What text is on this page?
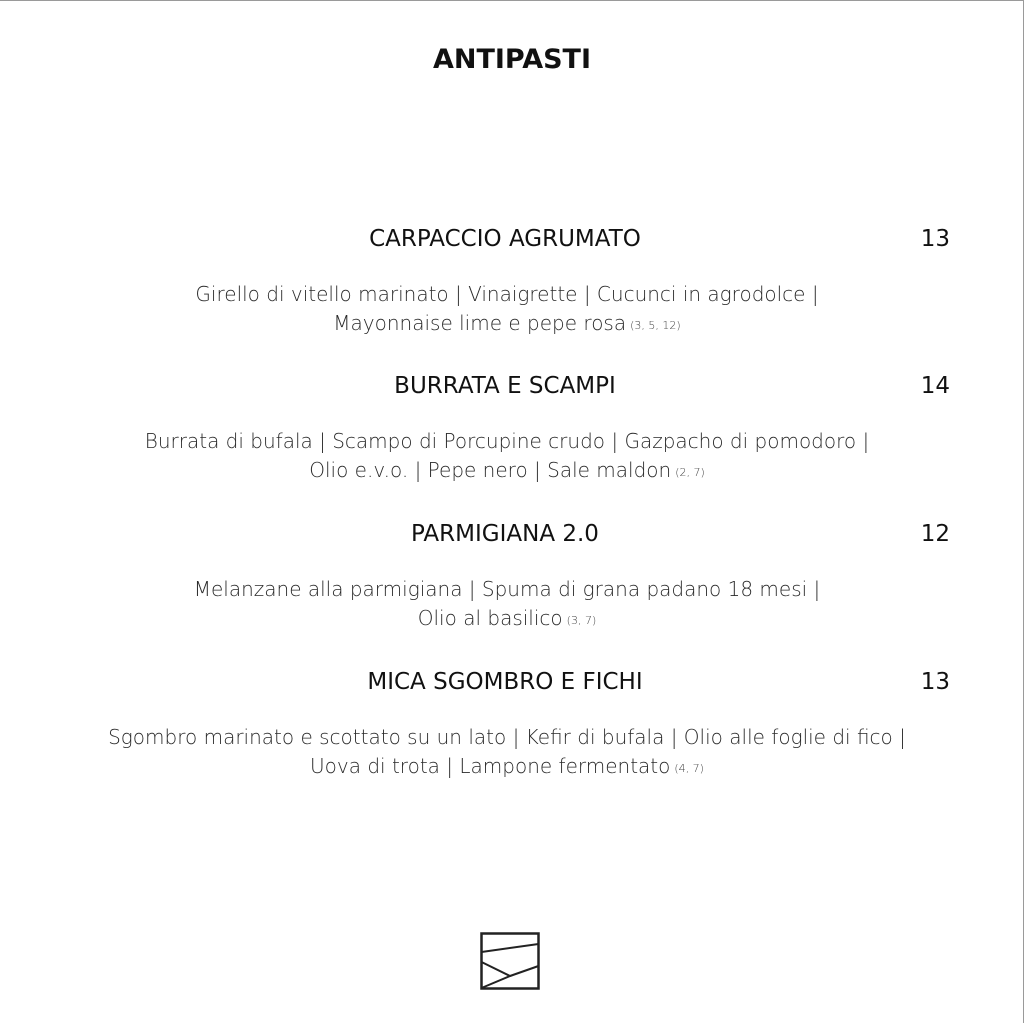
ANTIPASTI
CARPACCIO AGRUMATO	13
Girello di vitello marinato | Vinaigrette | Cucunci in agrodolce |
Mayonnaise lime e pepe rosa (3, 5, 12)
BURRATA E SCAMPI	14
Burrata di bufala | Scampo di Porcupine crudo | Gazpacho di pomodoro |
Olio e.v.o. | Pepe nero | Sale maldon (2, 7)
PARMIGIANA 2.0	12
Melanzane alla parmigiana | Spuma di grana padano 18 mesi |
Olio al basilico (3, 7)
MICA SGOMBRO E FICHI	13
Sgombro marinato e scottato su un lato | Kefir di bufala | Olio alle foglie di fico |
Uova di trota | Lampone fermentato (4, 7)
